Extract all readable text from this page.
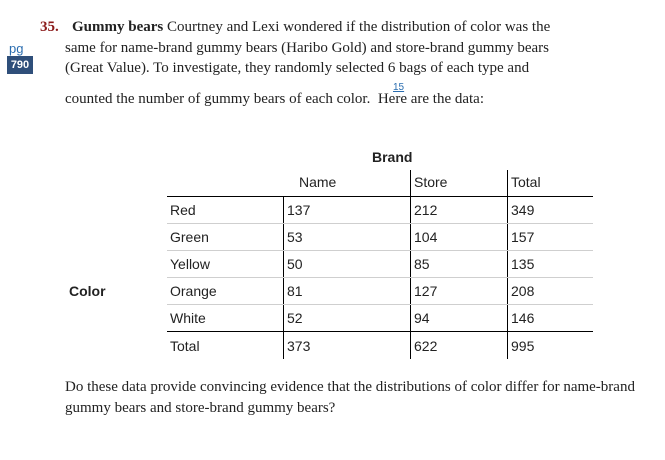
35. Gummy bears Courtney and Lexi wondered if the distribution of color was the
pg
790
same for name-brand gummy bears (Haribo Gold) and store-brand gummy bears
(Great Value). To investigate, they randomly selected 6 bags of each type and
15
counted the number of gummy bears of each color. Here are the data:
Brand
Color
Name	Store	Total
Red	137	212	349
Green	53	104	157
Yellow	50	85	135
Orange	81	127	208
White	52	94	146
Total	373	622	995
Do these data provide convincing evidence that the distributions of color differ for name-brand gummy bears and store-brand gummy bears?
